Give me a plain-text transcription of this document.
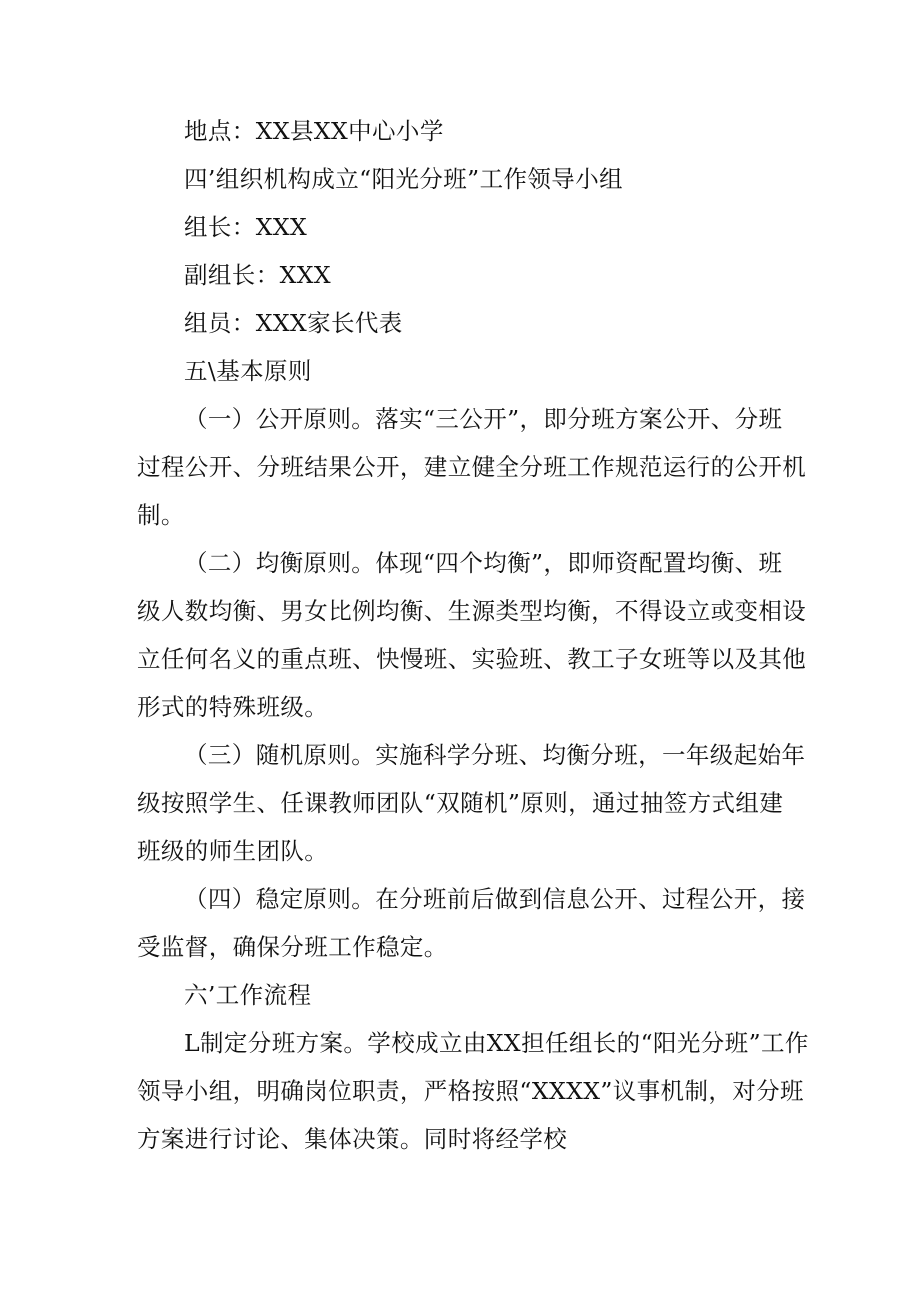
地点：XX县XX中心小学

四’组织机构成立“阳光分班”工作领导小组

组长：XXX

副组长：XXX

组员：XXX家长代表

五\基本原则

（一）公开原则。落实“三公开”，即分班方案公开、分班

过程公开、分班结果公开，建立健全分班工作规范运行的公开机

制。

（二）均衡原则。体现“四个均衡”，即师资配置均衡、班

级人数均衡、男女比例均衡、生源类型均衡，不得设立或变相设

立任何名义的重点班、快慢班、实验班、教工子女班等以及其他

形式的特殊班级。

（三）随机原则。实施科学分班、均衡分班，一年级起始年

级按照学生、任课教师团队“双随机”原则，通过抽签方式组建

班级的师生团队。

（四）稳定原则。在分班前后做到信息公开、过程公开，接

受监督，确保分班工作稳定。

六’工作流程

L制定分班方案。学校成立由XX担任组长的“阳光分班”工作

领导小组，明确岗位职责，严格按照“XXXX”议事机制，对分班

方案进行讨论、集体决策。同时将经学校
